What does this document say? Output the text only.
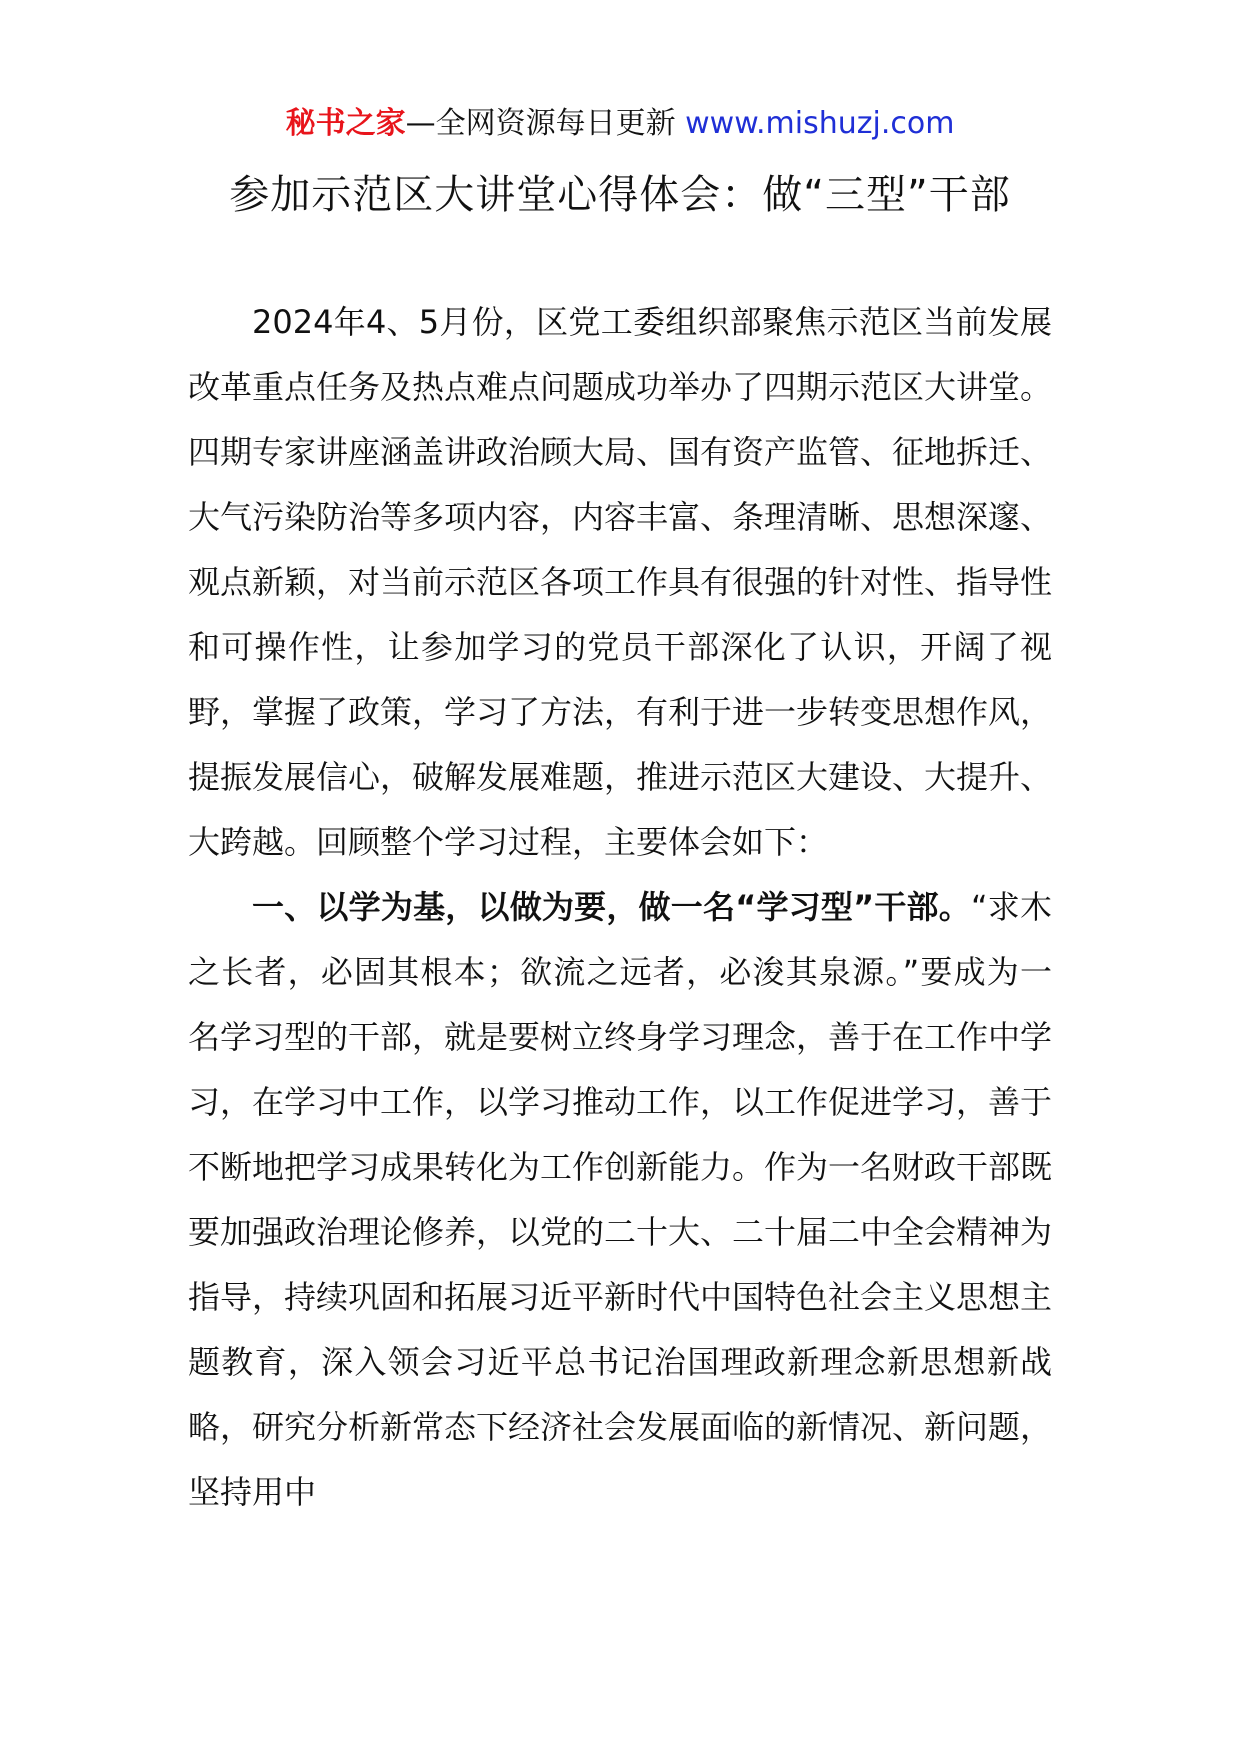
秘书之家—全网资源每日更新 www.mishuzj.com
参加示范区大讲堂心得体会：做“三型”干部

2024年4、5月份，区党工委组织部聚焦示范区当前发展改革重点任务及热点难点问题成功举办了四期示范区大讲堂。四期专家讲座涵盖讲政治顾大局、国有资产监管、征地拆迁、大气污染防治等多项内容，内容丰富、条理清晰、思想深邃、观点新颖，对当前示范区各项工作具有很强的针对性、指导性和可操作性，让参加学习的党员干部深化了认识，开阔了视野，掌握了政策，学习了方法，有利于进一步转变思想作风，提振发展信心，破解发展难题，推进示范区大建设、大提升、大跨越。回顾整个学习过程，主要体会如下：

一、以学为基，以做为要，做一名“学习型”干部。“求木之长者，必固其根本；欲流之远者，必浚其泉源。”要成为一名学习型的干部，就是要树立终身学习理念，善于在工作中学习，在学习中工作，以学习推动工作，以工作促进学习，善于不断地把学习成果转化为工作创新能力。作为一名财政干部既要加强政治理论修养，以党的二十大、二十届二中全会精神为指导，持续巩固和拓展习近平新时代中国特色社会主义思想主题教育，深入领会习近平总书记治国理政新理念新思想新战略，研究分析新常态下经济社会发展面临的新情况、新问题，坚持用中
